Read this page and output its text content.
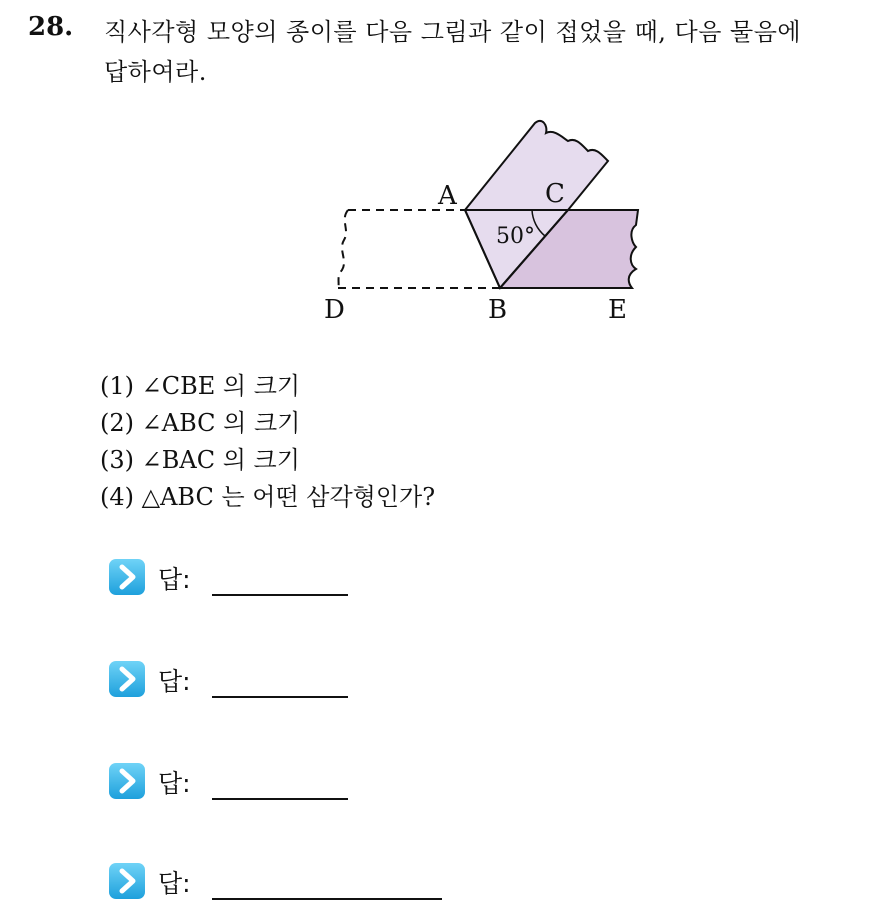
28. 직사각형 모양의 종이를 다음 그림과 같이 접었을 때, 다음 물음에
답하여라.
A	C
D	B	E
50°
(1) ∠CBE 의 크기
(2) ∠ABC 의 크기
(3) ∠BAC 의 크기
(4) △ABC 는 어떤 삼각형인가?
답:
답:
답:
답:
